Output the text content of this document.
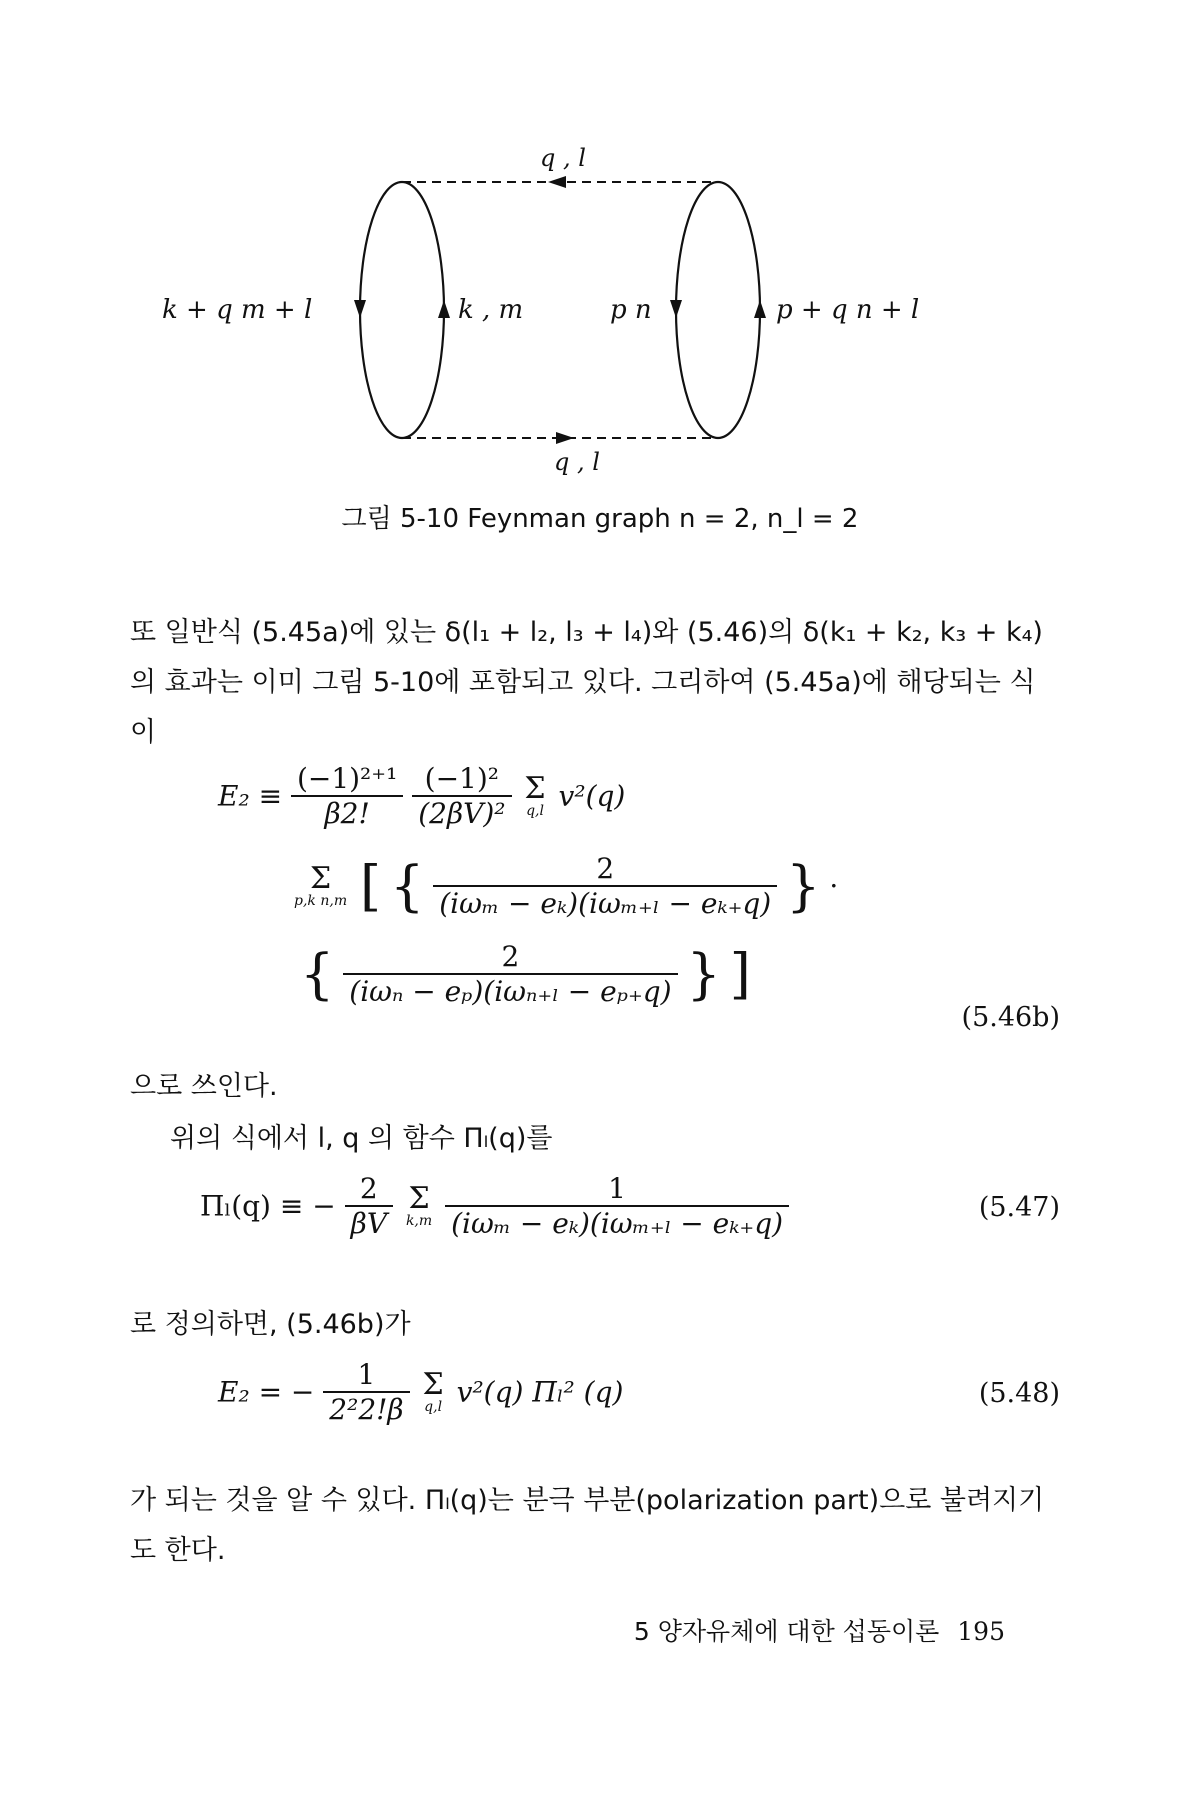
q , l
q , l
k + q m + l	k , m	p n	p + q n + l
그림 5-10 Feynman graph n = 2, n_l = 2
또 일반식 (5.45a)에 있는 δ(l₁ + l₂, l₃ + l₄)와 (5.46)의 δ(k₁ + k₂, k₃ + k₄)의 효과는 이미 그림 5-10에 포함되고 있다. 그리하여 (5.45a)에 해당되는 식이
$E_2 \equiv \frac{\text{(−1)²⁺¹}}{\beta 2!}$
$\frac{\text{(−1)²}}{\text{(2βV)²}}$
Σ
q,l v²(q)
Σ
p,k n,m [ { $\frac{2}{\text{(iωₘ − eₖ)(iωₘ₊ₗ − eₖ₊q)}}$ } ·
{ $\frac{2}{\text{(iωₙ − eₚ)(iωₙ₊ₗ − eₚ₊q)}}$ } ]
(5.46b)
으로 쓰인다.
위의 식에서 l, q 의 함수 Πₗ(q)를
Πₗ(q) ≡ − $\frac{2}{\beta V}$
Σ
k,m
$\frac{1}{\text{(iωₘ − eₖ)(iωₘ₊ₗ − eₖ₊q)}}$	(5.47)
로 정의하면, (5.46b)가
E₂ = − $\frac{1}{\text{2²2!β}}$
Σ
q,l v²(q) Πₗ² (q)	(5.48)
가 되는 것을 알 수 있다. Πₗ(q)는 분극 부분(polarization part)으로 불려지기도 한다.
5 양자유체에 대한 섭동이론 195
